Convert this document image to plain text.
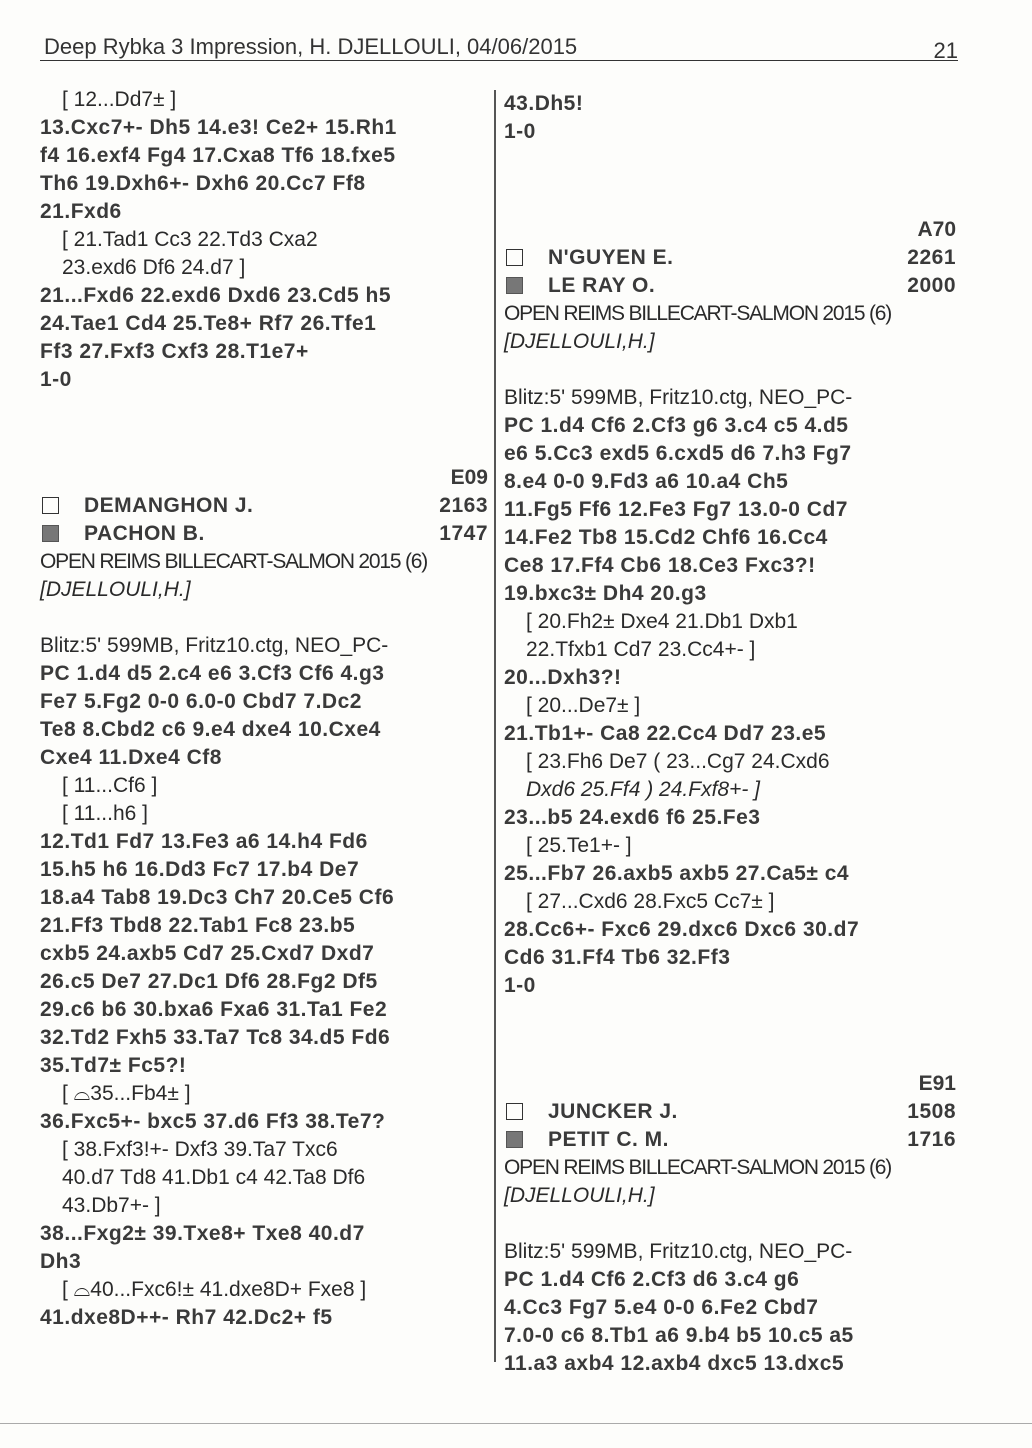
Deep Rybka 3 Impression, H. DJELLOULI, 04/06/2015	21
[ 12...Dd7± ]
13.Cxc7+- Dh5 14.e3! Ce2+ 15.Rh1
f4 16.exf4 Fg4 17.Cxa8 Tf6 18.fxe5
Th6 19.Dxh6+- Dxh6 20.Cc7 Ff8
21.Fxd6
[ 21.Tad1 Cc3 22.Td3 Cxa2
23.exd6 Df6 24.d7 ]
21...Fxd6 22.exd6 Dxd6 23.Cd5 h5
24.Tae1 Cd4 25.Te8+ Rf7 26.Tfe1
Ff3 27.Fxf3 Cxf3 28.T1e7+
1-0
E09
DEMANGHON J.	2163
PACHON B.	1747
OPEN REIMS BILLECART-SALMON 2015 (6)
[DJELLOULI,H.]
Blitz:5' 599MB, Fritz10.ctg, NEO_PC-
PC 1.d4 d5 2.c4 e6 3.Cf3 Cf6 4.g3
Fe7 5.Fg2 0-0 6.0-0 Cbd7 7.Dc2
Te8 8.Cbd2 c6 9.e4 dxe4 10.Cxe4
Cxe4 11.Dxe4 Cf8
[ 11...Cf6 ]
[ 11...h6 ]
12.Td1 Fd7 13.Fe3 a6 14.h4 Fd6
15.h5 h6 16.Dd3 Fc7 17.b4 De7
18.a4 Tab8 19.Dc3 Ch7 20.Ce5 Cf6
21.Ff3 Tbd8 22.Tab1 Fc8 23.b5
cxb5 24.axb5 Cd7 25.Cxd7 Dxd7
26.c5 De7 27.Dc1 Df6 28.Fg2 Df5
29.c6 b6 30.bxa6 Fxa6 31.Ta1 Fe2
32.Td2 Fxh5 33.Ta7 Tc8 34.d5 Fd6
35.Td7± Fc5?!
[ ⌓35...Fb4± ]
36.Fxc5+- bxc5 37.d6 Ff3 38.Te7?
[ 38.Fxf3!+- Dxf3 39.Ta7 Txc6
40.d7 Td8 41.Db1 c4 42.Ta8 Df6
43.Db7+- ]
38...Fxg2± 39.Txe8+ Txe8 40.d7
Dh3
[ ⌓40...Fxc6!± 41.dxe8D+ Fxe8 ]
41.dxe8D++- Rh7 42.Dc2+ f5
43.Dh5!
1-0
A70
N'GUYEN E.	2261
LE RAY O.	2000
OPEN REIMS BILLECART-SALMON 2015 (6)
[DJELLOULI,H.]
Blitz:5' 599MB, Fritz10.ctg, NEO_PC-
PC 1.d4 Cf6 2.Cf3 g6 3.c4 c5 4.d5
e6 5.Cc3 exd5 6.cxd5 d6 7.h3 Fg7
8.e4 0-0 9.Fd3 a6 10.a4 Ch5
11.Fg5 Ff6 12.Fe3 Fg7 13.0-0 Cd7
14.Fe2 Tb8 15.Cd2 Chf6 16.Cc4
Ce8 17.Ff4 Cb6 18.Ce3 Fxc3?!
19.bxc3± Dh4 20.g3
[ 20.Fh2± Dxe4 21.Db1 Dxb1
22.Tfxb1 Cd7 23.Cc4+- ]
20...Dxh3?!
[ 20...De7± ]
21.Tb1+- Ca8 22.Cc4 Dd7 23.e5
[ 23.Fh6 De7 ( 23...Cg7 24.Cxd6
Dxd6 25.Ff4 ) 24.Fxf8+- ]
23...b5 24.exd6 f6 25.Fe3
[ 25.Te1+- ]
25...Fb7 26.axb5 axb5 27.Ca5± c4
[ 27...Cxd6 28.Fxc5 Cc7± ]
28.Cc6+- Fxc6 29.dxc6 Dxc6 30.d7
Cd6 31.Ff4 Tb6 32.Ff3
1-0
E91
JUNCKER J.	1508
PETIT C. M.	1716
OPEN REIMS BILLECART-SALMON 2015 (6)
[DJELLOULI,H.]
Blitz:5' 599MB, Fritz10.ctg, NEO_PC-
PC 1.d4 Cf6 2.Cf3 d6 3.c4 g6
4.Cc3 Fg7 5.e4 0-0 6.Fe2 Cbd7
7.0-0 c6 8.Tb1 a6 9.b4 b5 10.c5 a5
11.a3 axb4 12.axb4 dxc5 13.dxc5
